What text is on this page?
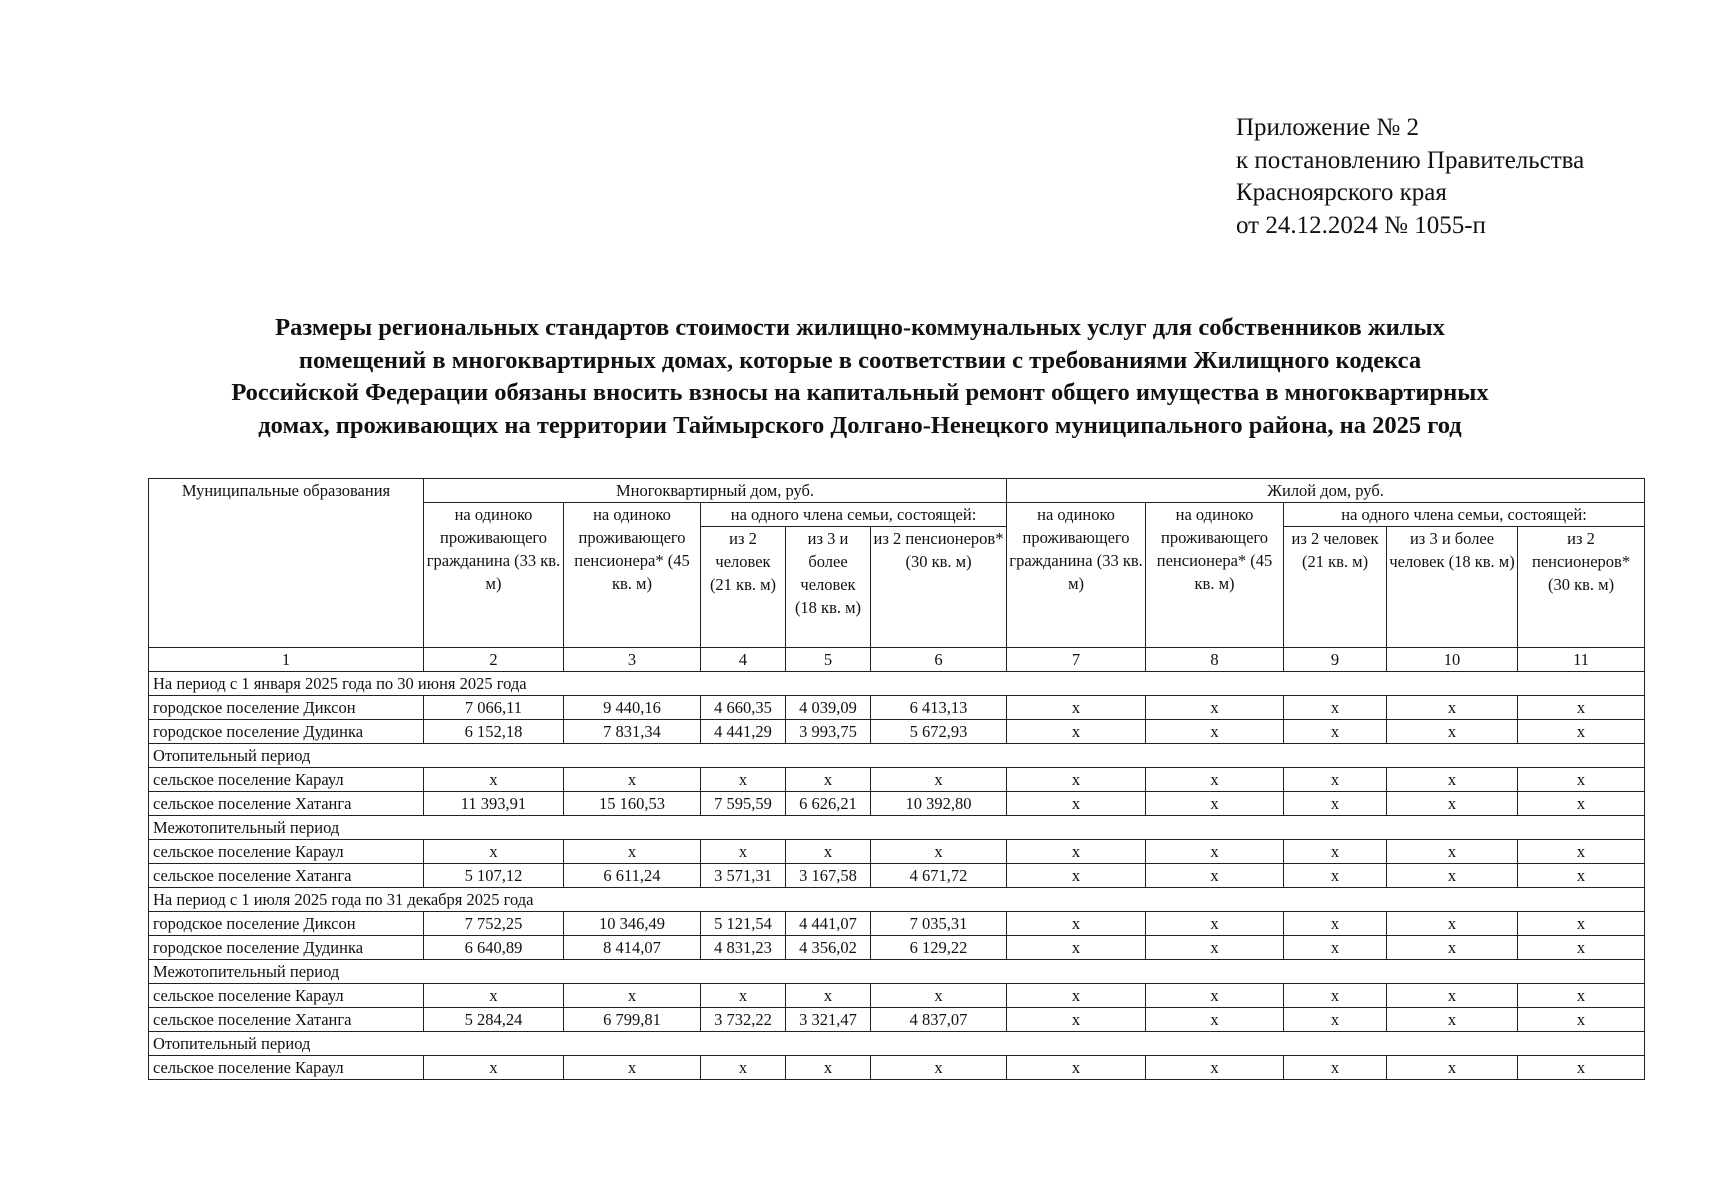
Приложение № 2
к постановлению Правительства
Красноярского края
от 24.12.2024 № 1055-п
Размеры региональных стандартов стоимости жилищно-коммунальных услуг для собственников жилых
помещений в многоквартирных домах, которые в соответствии с требованиями Жилищного кодекса
Российской Федерации обязаны вносить взносы на капитальный ремонт общего имущества в многоквартирных
домах, проживающих на территории Таймырского Долгано-Ненецкого муниципального района, на 2025 год
Муниципальные образования	Многоквартирный дом, руб.					Жилой дом, руб.				
	на одиноко проживающего гражданина (33 кв. м)	на одиноко проживающего пенсионера* (45 кв. м)	на одного члена семьи, состоящей:			на одиноко проживающего гражданина (33 кв. м)	на одиноко проживающего пенсионера* (45 кв. м)	на одного члена семьи, состоящей:		
			из 2 человек (21 кв. м)	из 3 и более человек (18 кв. м)	из 2 пенсионеров* (30 кв. м)			из 2 человек (21 кв. м)	из 3 и более человек (18 кв. м)	из 2 пенсионеров* (30 кв. м)
1	2	3	4	5	6	7	8	9	10	11
На период с 1 января 2025 года по 30 июня 2025 года										
городское поселение Диксон	7 066,11	9 440,16	4 660,35	4 039,09	6 413,13	х	х	х	х	х
городское поселение Дудинка	6 152,18	7 831,34	4 441,29	3 993,75	5 672,93	х	х	х	х	х
Отопительный период										
сельское поселение Караул	х	х	х	х	х	х	х	х	х	х
сельское поселение Хатанга	11 393,91	15 160,53	7 595,59	6 626,21	10 392,80	х	х	х	х	х
Межотопительный период										
сельское поселение Караул	х	х	х	х	х	х	х	х	х	х
сельское поселение Хатанга	5 107,12	6 611,24	3 571,31	3 167,58	4 671,72	х	х	х	х	х
На период с 1 июля 2025 года по 31 декабря 2025 года										
городское поселение Диксон	7 752,25	10 346,49	5 121,54	4 441,07	7 035,31	х	х	х	х	х
городское поселение Дудинка	6 640,89	8 414,07	4 831,23	4 356,02	6 129,22	х	х	х	х	х
Межотопительный период										
сельское поселение Караул	х	х	х	х	х	х	х	х	х	х
сельское поселение Хатанга	5 284,24	6 799,81	3 732,22	3 321,47	4 837,07	х	х	х	х	х
Отопительный период										
сельское поселение Караул	х	х	х	х	х	х	х	х	х	х
